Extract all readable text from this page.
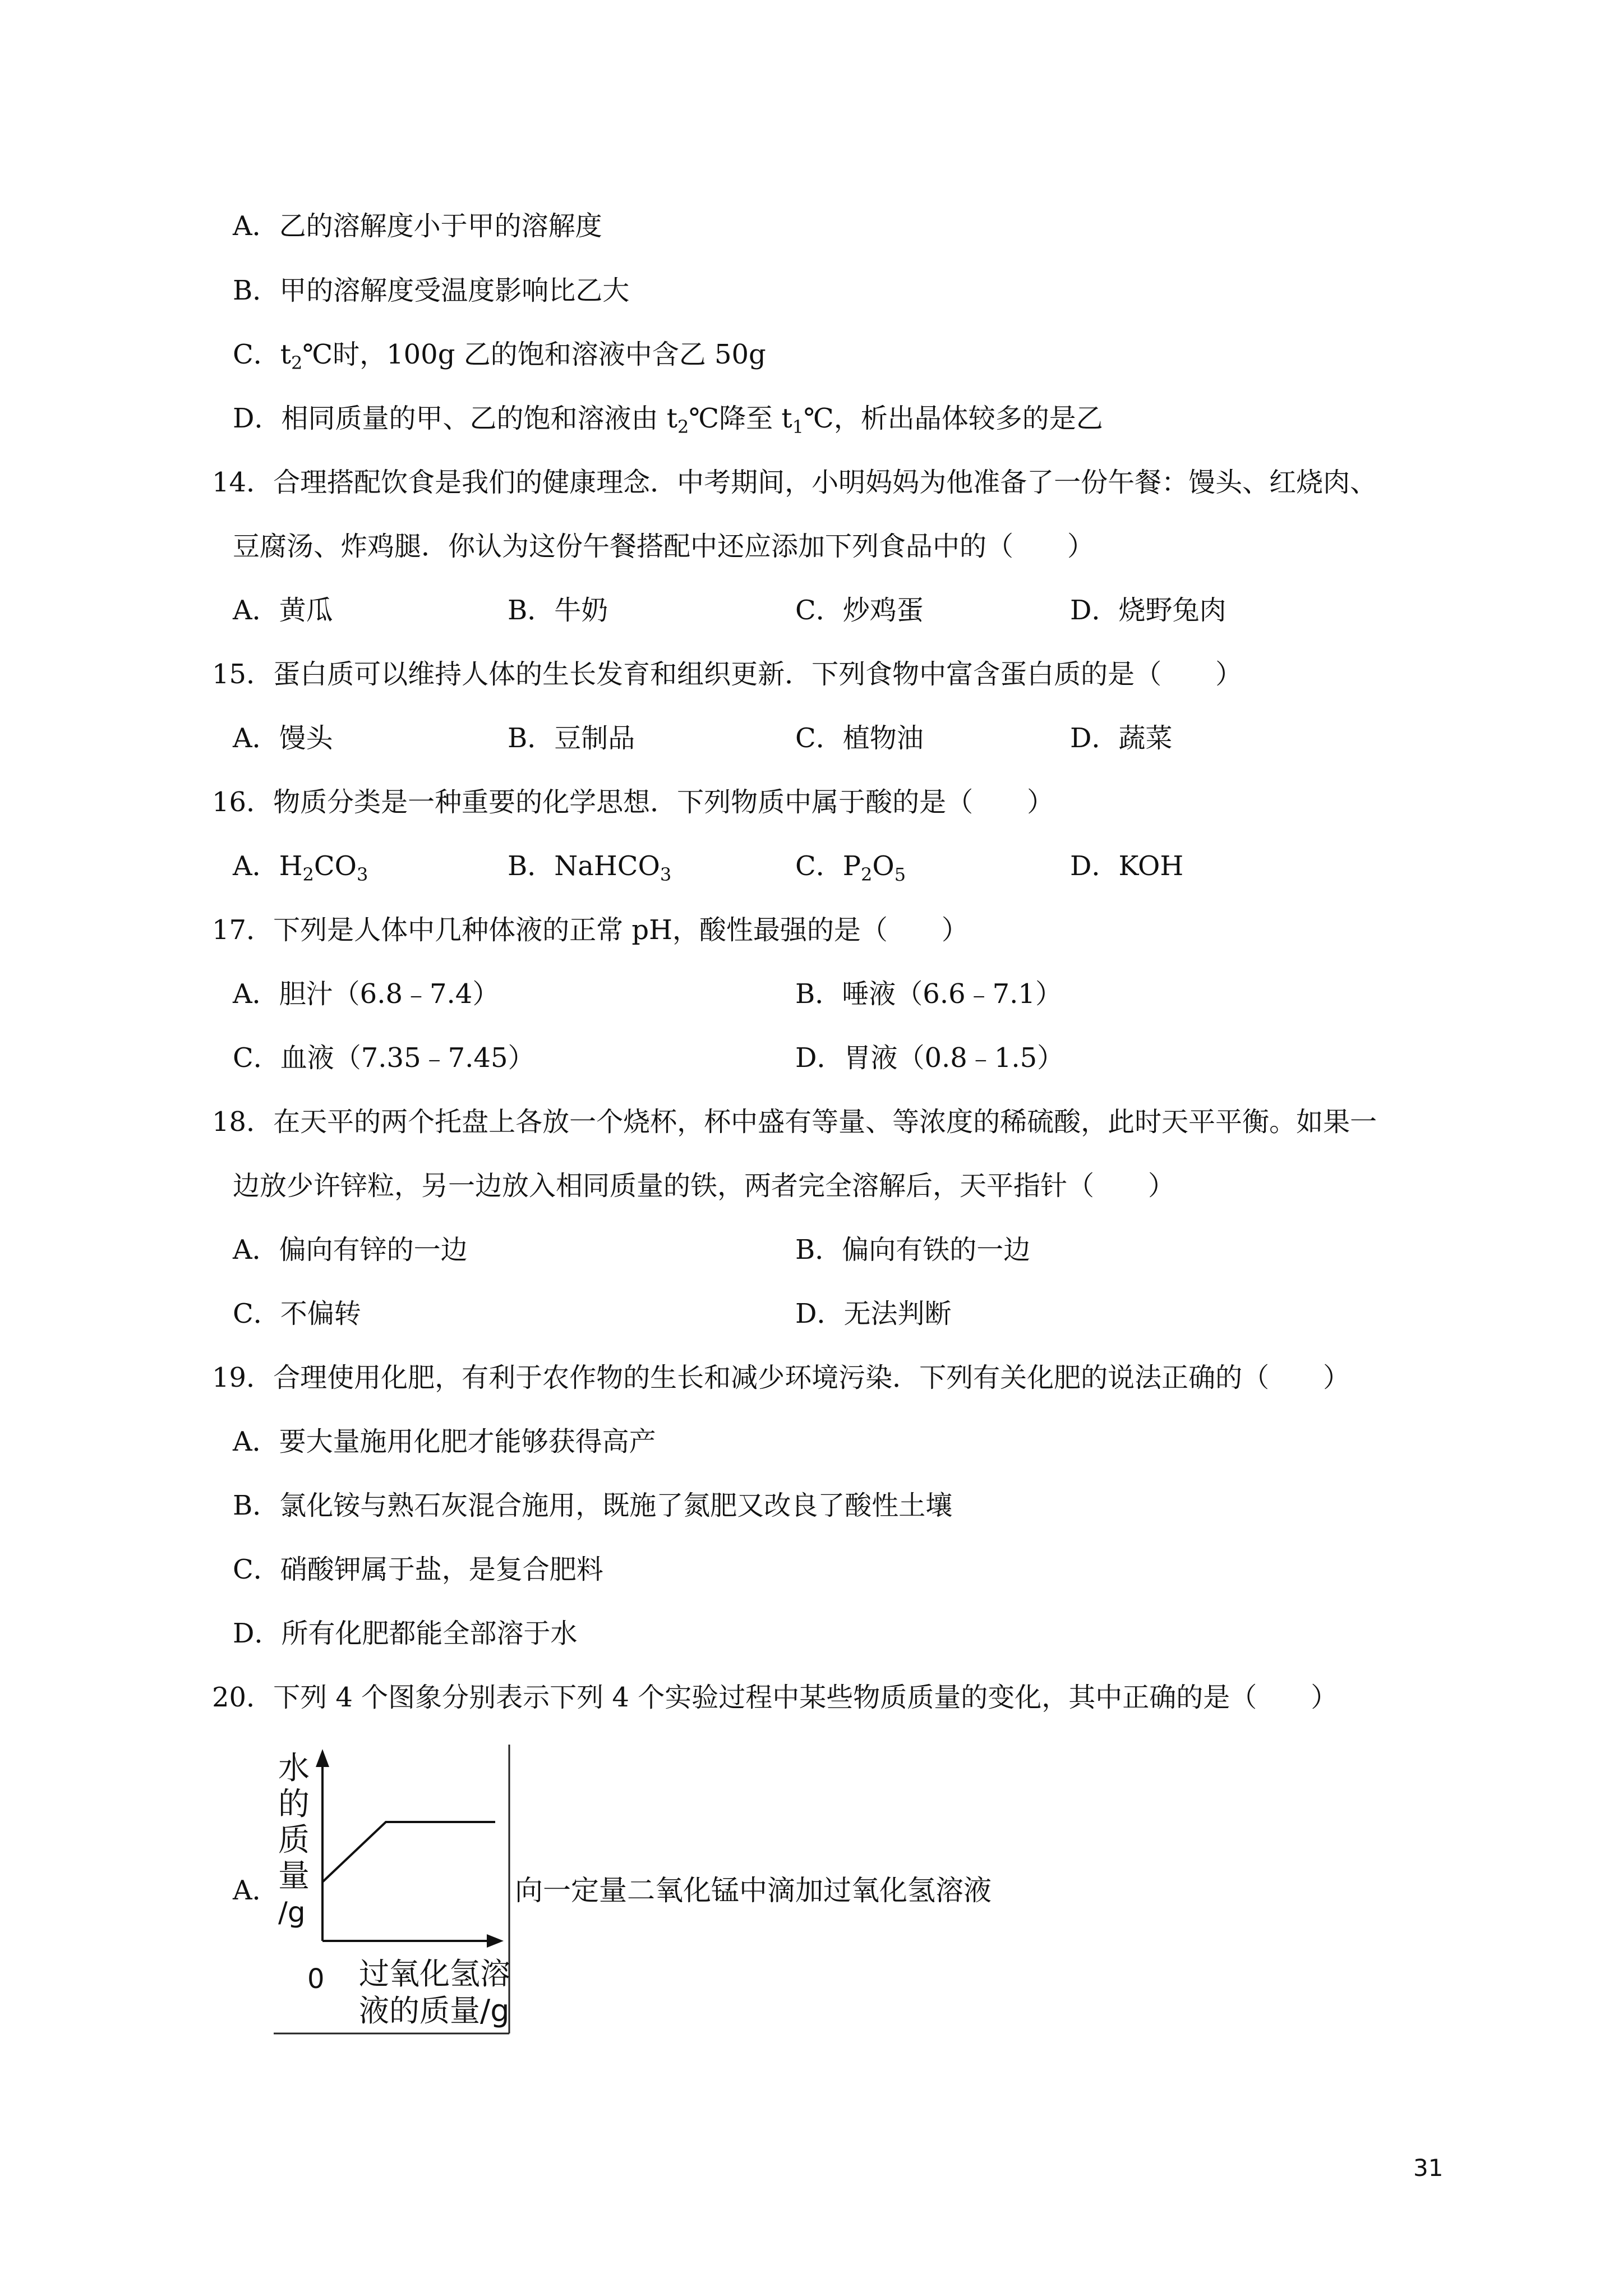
A．乙的溶解度小于甲的溶解度
B．甲的溶解度受温度影响比乙大
C．$t_2℃$时，100g 乙的饱和溶液中含乙 50g
D．相同质量的甲、乙的饱和溶液由 $t_2℃$降至 $t_1℃$，析出晶体较多的是乙
14．合理搭配饮食是我们的健康理念．中考期间，小明妈妈为他准备了一份午餐：馒头、红烧肉、
豆腐汤、炸鸡腿．你认为这份午餐搭配中还应添加下列食品中的（　　）
A．黄瓜	B．牛奶	C．炒鸡蛋	D．烧野兔肉
15．蛋白质可以维持人体的生长发育和组织更新．下列食物中富含蛋白质的是（　　）
A．馒头	B．豆制品	C．植物油	D．蔬菜
16．物质分类是一种重要的化学思想．下列物质中属于酸的是（　　）
A．$H_2CO_3$	B．NaHCO$_3$	C．$P_2O_5$	D．KOH
17．下列是人体中几种体液的正常 pH，酸性最强的是（　　）
A．胆汁（6.8﹣7.4）	B．唾液（6.6﹣7.1）
C．血液（7.35﹣7.45）	D．胃液（0.8﹣1.5）
18．在天平的两个托盘上各放一个烧杯，杯中盛有等量、等浓度的稀硫酸，此时天平平衡。如果一
边放少许锌粒，另一边放入相同质量的铁，两者完全溶解后，天平指针（　　）
A．偏向有锌的一边	B．偏向有铁的一边
C．不偏转	D．无法判断
19．合理使用化肥，有利于农作物的生长和减少环境污染．下列有关化肥的说法正确的（　　）
A．要大量施用化肥才能够获得高产
B．氯化铵与熟石灰混合施用，既施了氮肥又改良了酸性土壤
C．硝酸钾属于盐，是复合肥料
D．所有化肥都能全部溶于水
20．下列 4 个图象分别表示下列 4 个实验过程中某些物质质量的变化，其中正确的是（　　）
A．
水
的
质
量
/g
0 过氧化氢溶
液的质量/g
向一定量二氧化锰中滴加过氧化氢溶液
31
